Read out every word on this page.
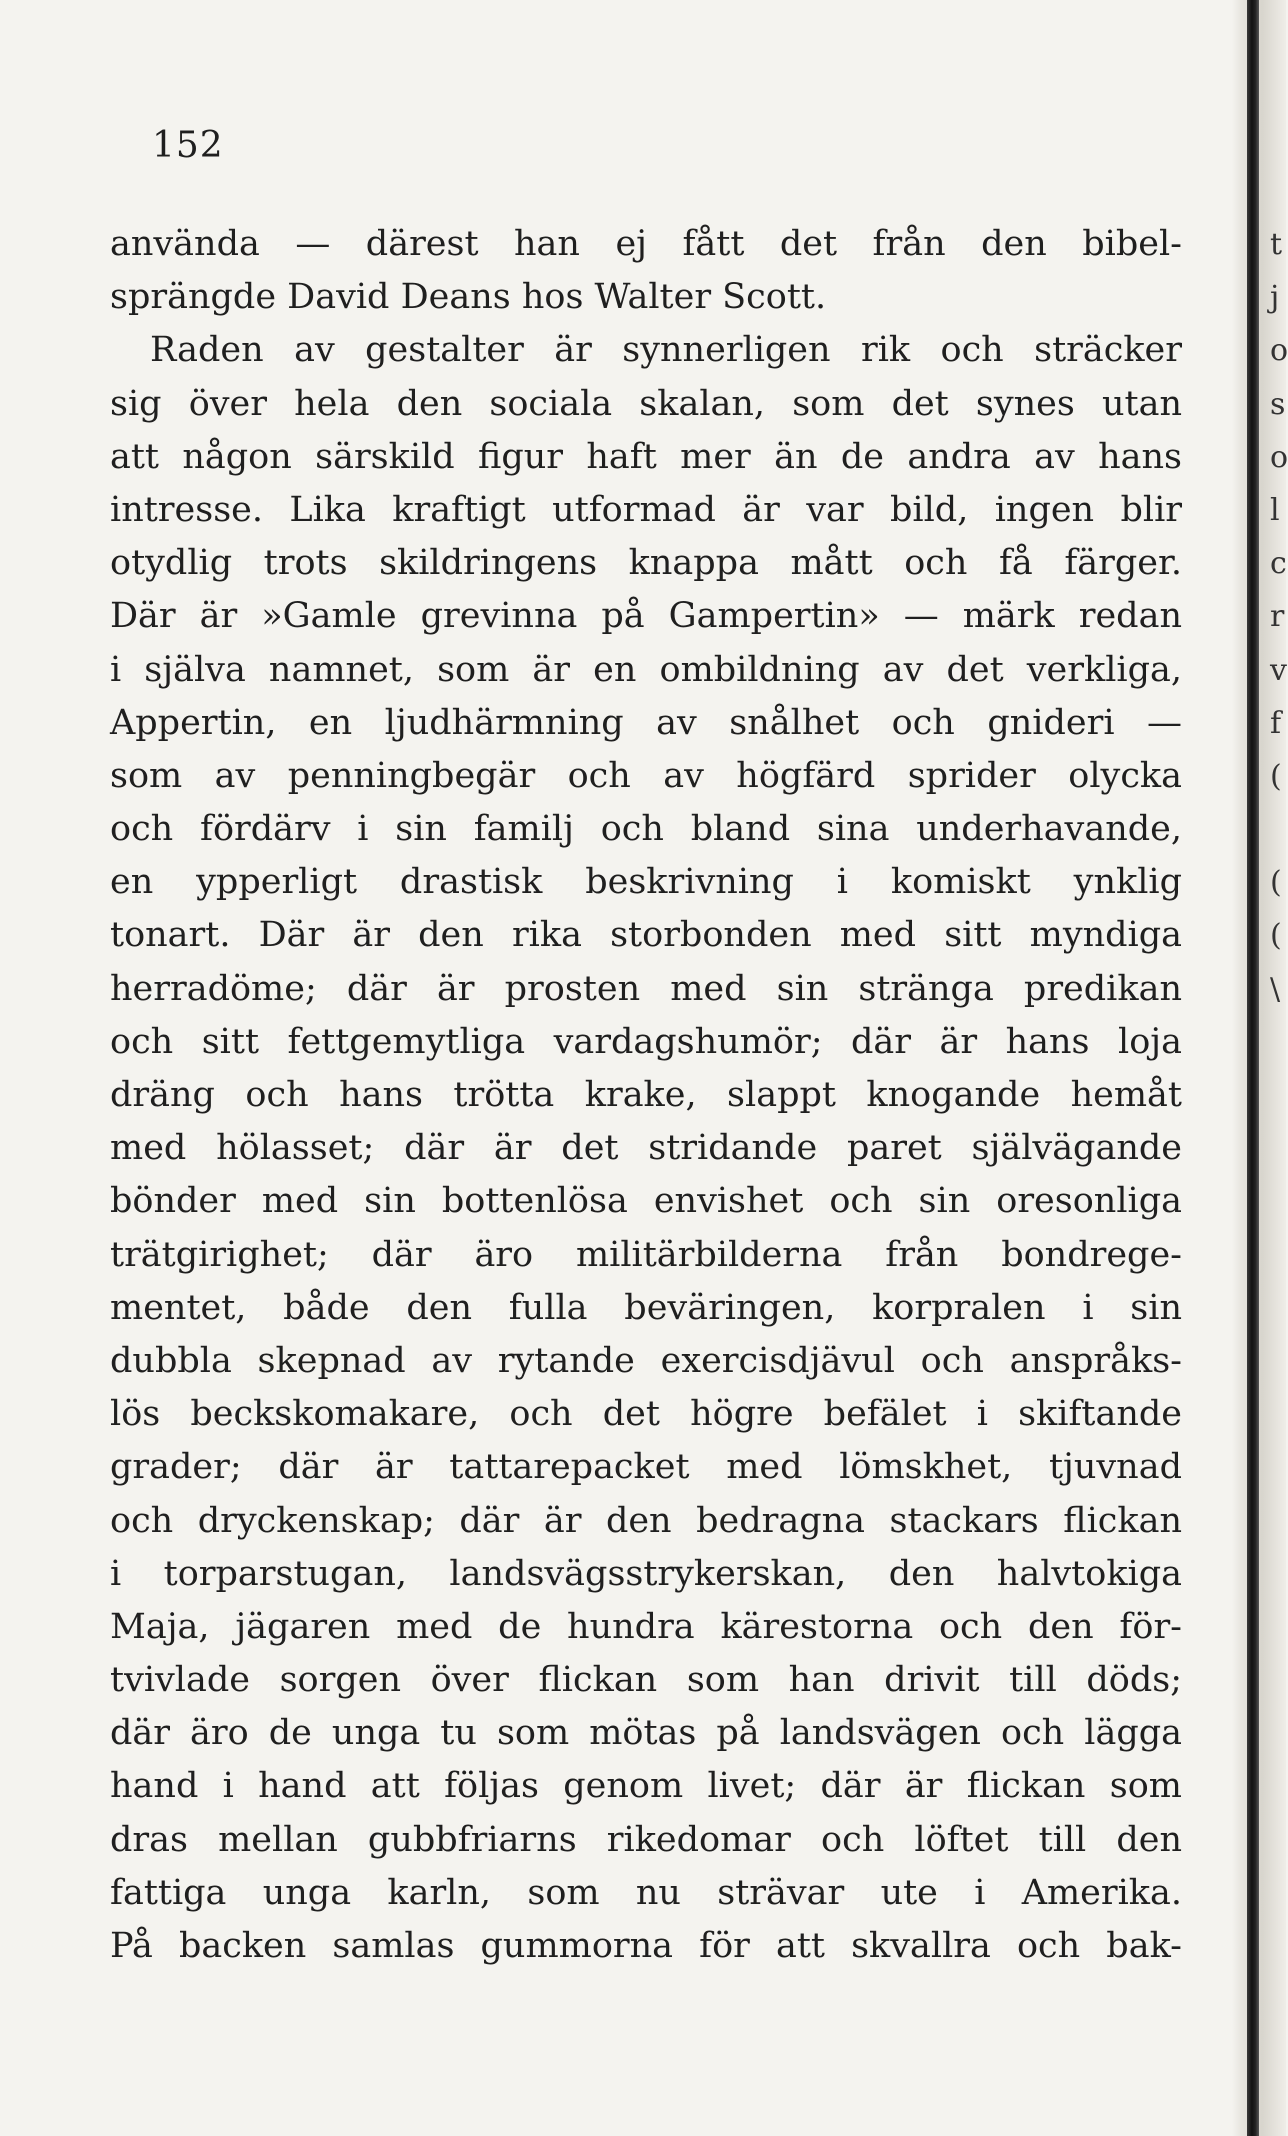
152
använda — därest han ej fått det från den bibel-
sprängde David Deans hos Walter Scott.
Raden av gestalter är synnerligen rik och sträcker
sig över hela den sociala skalan, som det synes utan
att någon särskild figur haft mer än de andra av hans
intresse. Lika kraftigt utformad är var bild, ingen blir
otydlig trots skildringens knappa mått och få färger.
Där är »Gamle grevinna på Gampertin» — märk redan
i själva namnet, som är en ombildning av det verkliga,
Appertin, en ljudhärmning av snålhet och gnideri —
som av penningbegär och av högfärd sprider olycka
och fördärv i sin familj och bland sina underhavande,
en ypperligt drastisk beskrivning i komiskt ynklig
tonart. Där är den rika storbonden med sitt myndiga
herradöme; där är prosten med sin stränga predikan
och sitt fettgemytliga vardagshumör; där är hans loja
dräng och hans trötta krake, slappt knogande hemåt
med hölasset; där är det stridande paret självägande
bönder med sin bottenlösa envishet och sin oresonliga
trätgirighet; där äro militärbilderna från bondrege-
mentet, både den fulla beväringen, korpralen i sin
dubbla skepnad av rytande exercisdjävul och anspråks-
lös beckskomakare, och det högre befälet i skiftande
grader; där är tattarepacket med lömskhet, tjuvnad
och dryckenskap; där är den bedragna stackars flickan
i torparstugan, landsvägsstrykerskan, den halvtokiga
Maja, jägaren med de hundra kärestorna och den för-
tvivlade sorgen över flickan som han drivit till döds;
där äro de unga tu som mötas på landsvägen och lägga
hand i hand att följas genom livet; där är flickan som
dras mellan gubbfriarns rikedomar och löftet till den
fattiga unga karln, som nu strävar ute i Amerika.
På backen samlas gummorna för att skvallra och bak-
t
j
o
s
o
l
c
r
v
f
(
(
(
\
